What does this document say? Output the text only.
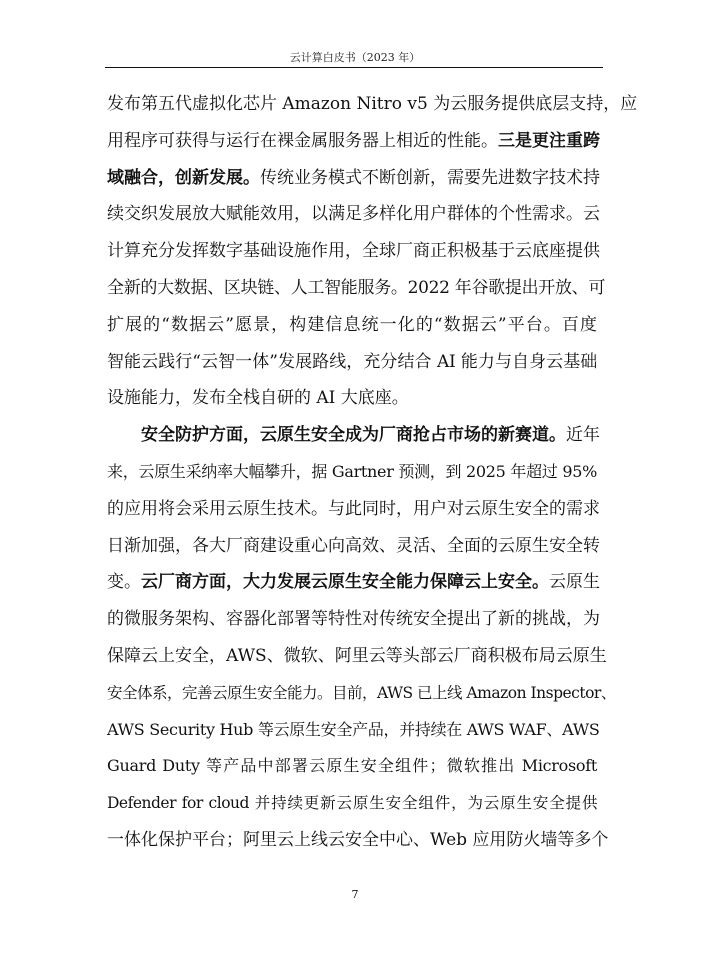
云计算白皮书（2023 年）
发布第五代虚拟化芯片 Amazon Nitro v5 为云服务提供底层支持，应
用程序可获得与运行在裸金属服务器上相近的性能。三是更注重跨
域融合，创新发展。传统业务模式不断创新，需要先进数字技术持
续交织发展放大赋能效用，以满足多样化用户群体的个性需求。云
计算充分发挥数字基础设施作用，全球厂商正积极基于云底座提供
全新的大数据、区块链、人工智能服务。2022 年谷歌提出开放、可
扩展的“数据云”愿景，构建信息统一化的“数据云”平台。百度
智能云践行“云智一体”发展路线，充分结合 AI 能力与自身云基础
设施能力，发布全栈自研的 AI 大底座。
安全防护方面，云原生安全成为厂商抢占市场的新赛道。近年
来，云原生采纳率大幅攀升，据 Gartner 预测，到 2025 年超过 95%
的应用将会采用云原生技术。与此同时，用户对云原生安全的需求
日渐加强，各大厂商建设重心向高效、灵活、全面的云原生安全转
变。云厂商方面，大力发展云原生安全能力保障云上安全。云原生
的微服务架构、容器化部署等特性对传统安全提出了新的挑战，为
保障云上安全，AWS、微软、阿里云等头部云厂商积极布局云原生
安全体系，完善云原生安全能力。目前，AWS 已上线 Amazon Inspector、
AWS Security Hub 等云原生安全产品，并持续在 AWS WAF、AWS
Guard Duty 等产品中部署云原生安全组件；微软推出 Microsoft
Defender for cloud 并持续更新云原生安全组件，为云原生安全提供
一体化保护平台；阿里云上线云安全中心、Web 应用防火墙等多个
7
